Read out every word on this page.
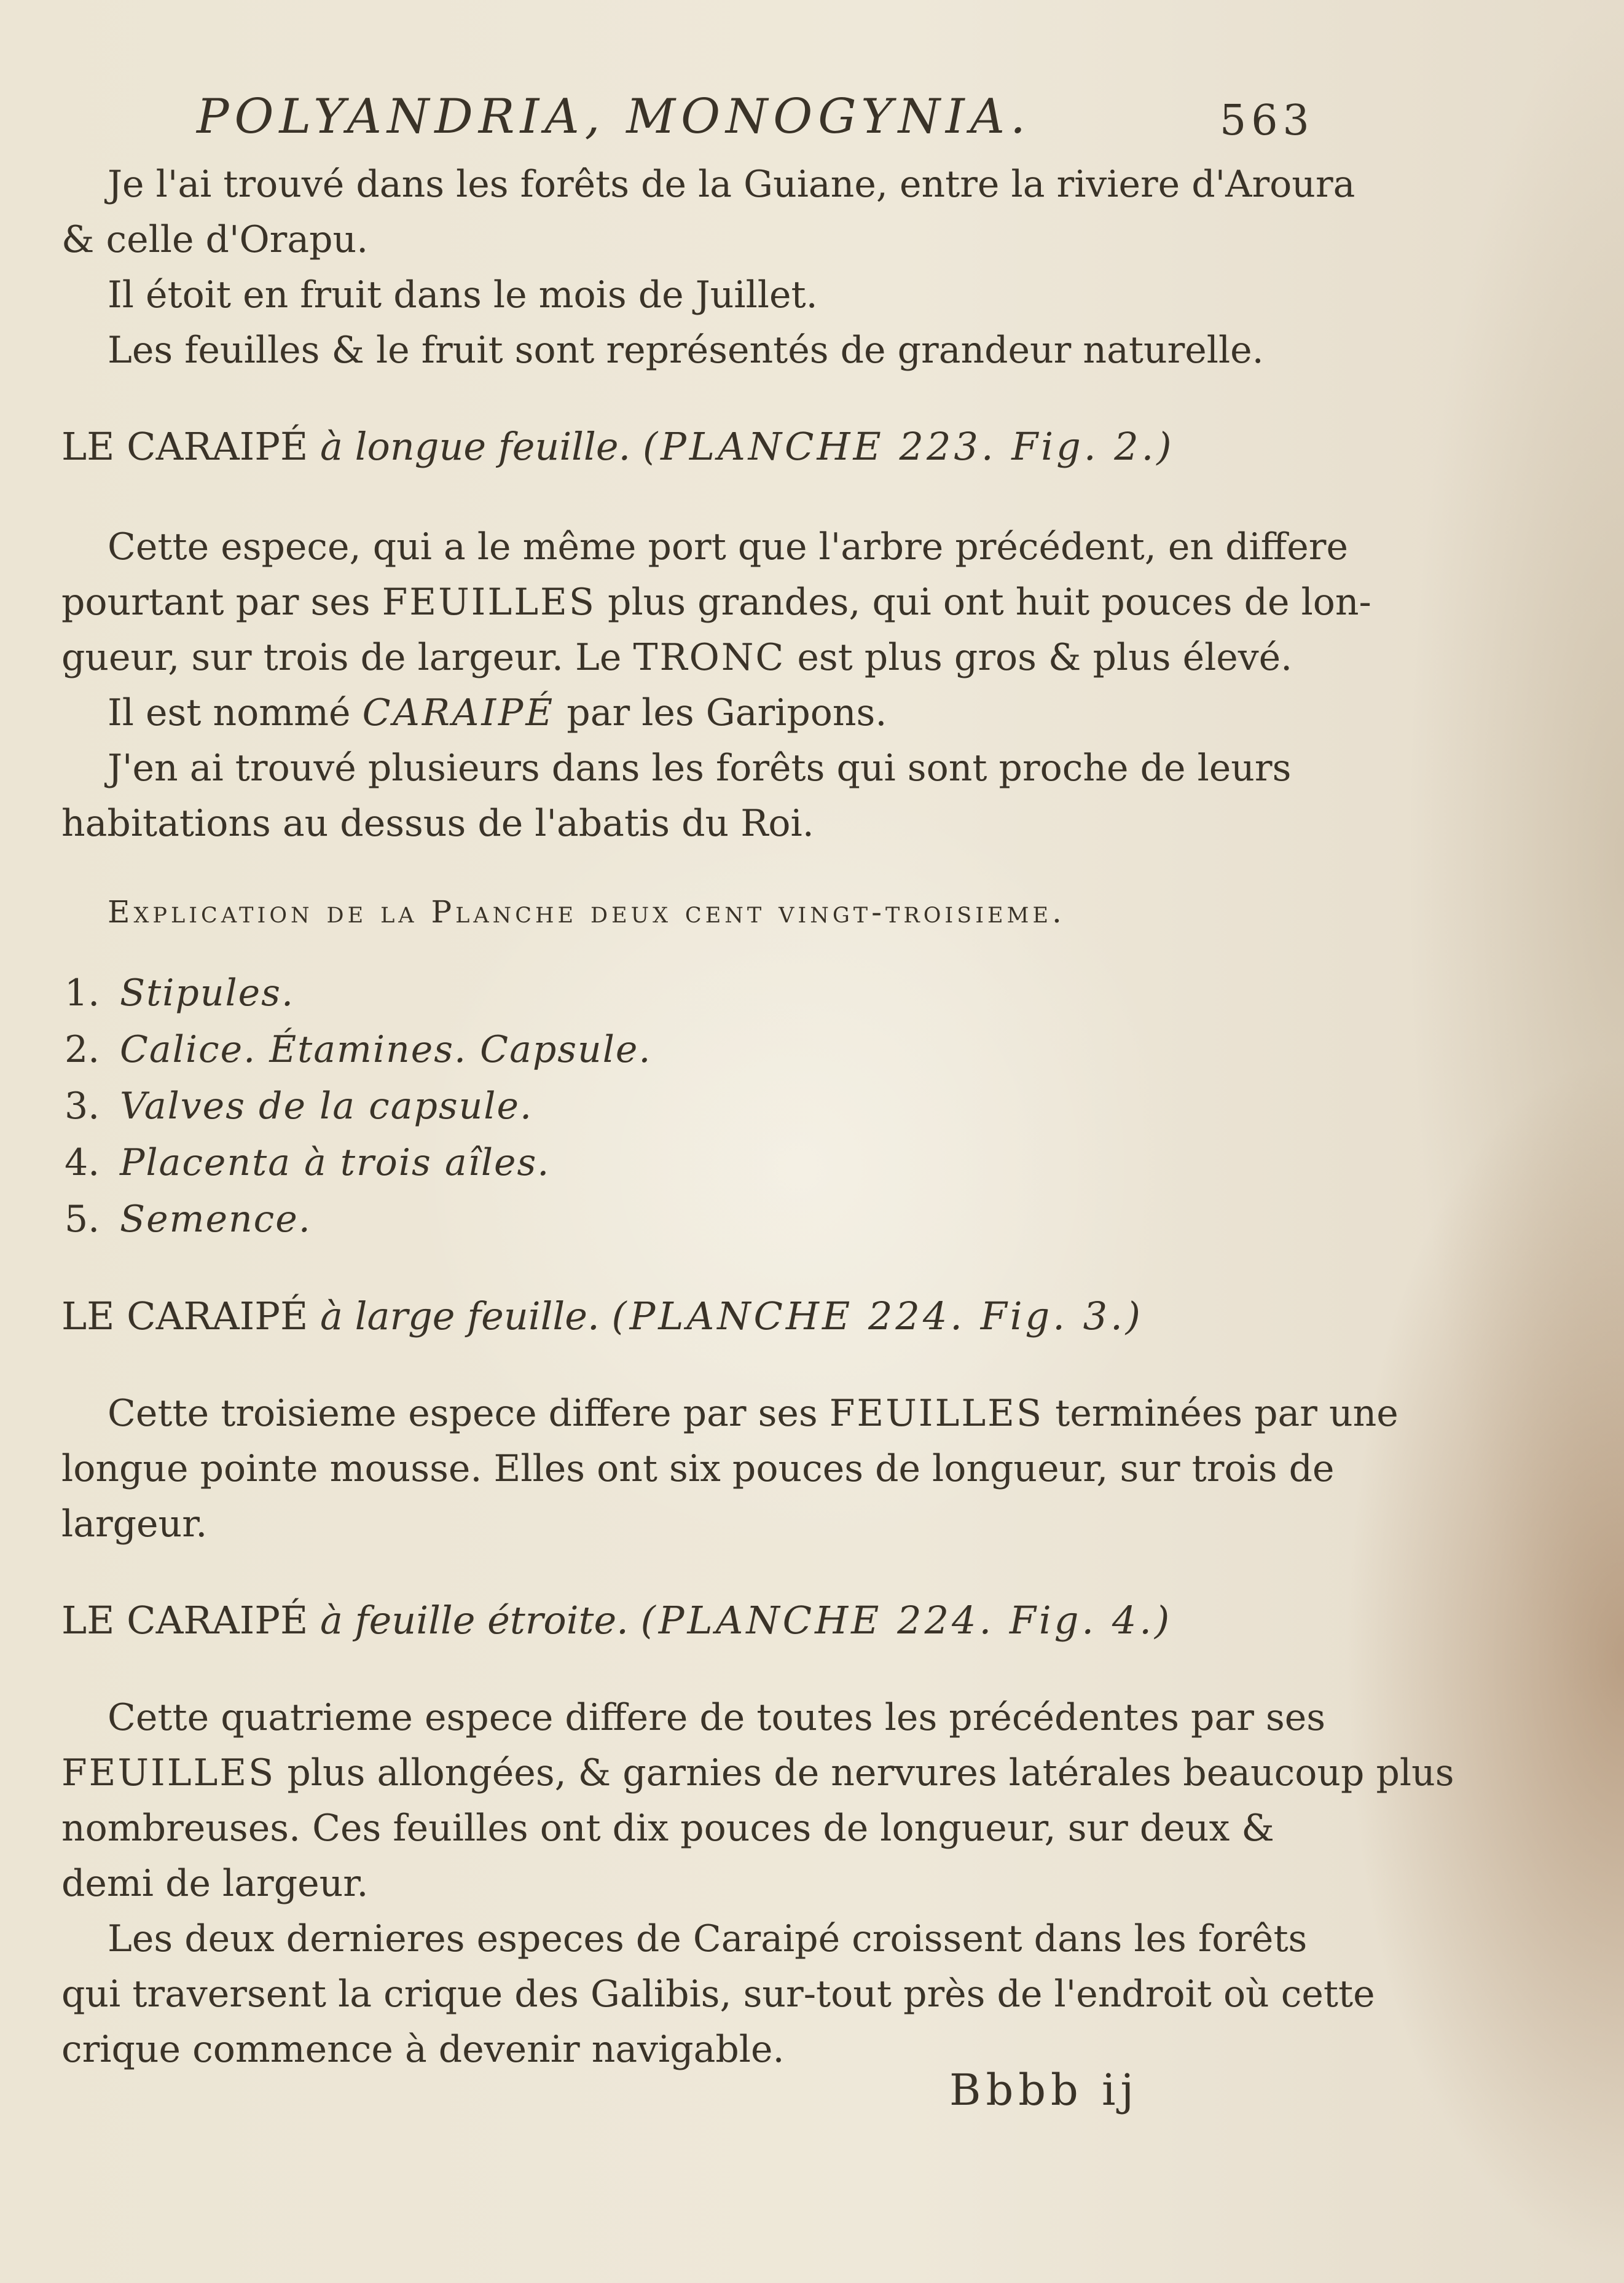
POLYANDRIA, MONOGYNIA.	563
Je l'ai trouvé dans les forêts de la Guiane, entre la riviere d'Aroura
& celle d'Orapu.
Il étoit en fruit dans le mois de Juillet.
Les feuilles & le fruit sont représentés de grandeur naturelle.
LE CARAIPÉ à longue feuille. (PLANCHE 223. Fig. 2.)
Cette espece, qui a le même port que l'arbre précédent, en differe
pourtant par ses FEUILLES plus grandes, qui ont huit pouces de lon-
gueur, sur trois de largeur. Le TRONC est plus gros & plus élevé.
Il est nommé CARAIPÉ par les Garipons.
J'en ai trouvé plusieurs dans les forêts qui sont proche de leurs
habitations au dessus de l'abatis du Roi.
Explication de la Planche deux cent vingt-troisieme.
1. Stipules.
2. Calice. Étamines. Capsule.
3. Valves de la capsule.
4. Placenta à trois aîles.
5. Semence.
LE CARAIPÉ à large feuille. (PLANCHE 224. Fig. 3.)
Cette troisieme espece differe par ses FEUILLES terminées par une
longue pointe mousse. Elles ont six pouces de longueur, sur trois de
largeur.
LE CARAIPÉ à feuille étroite. (PLANCHE 224. Fig. 4.)
Cette quatrieme espece differe de toutes les précédentes par ses
FEUILLES plus allongées, & garnies de nervures latérales beaucoup plus
nombreuses. Ces feuilles ont dix pouces de longueur, sur deux &
demi de largeur.
Les deux dernieres especes de Caraipé croissent dans les forêts
qui traversent la crique des Galibis, sur-tout près de l'endroit où cette
crique commence à devenir navigable.
Bbbb ij
